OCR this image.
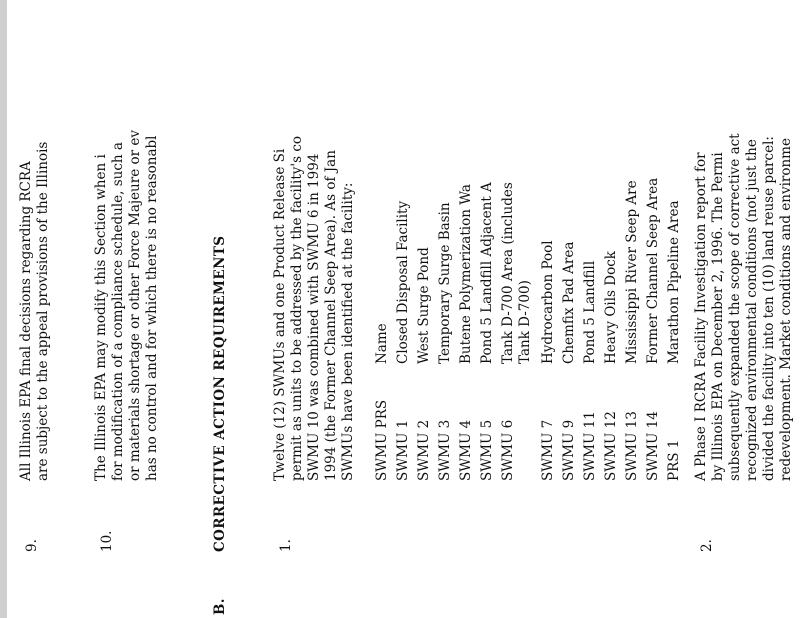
9.
All Illinois EPA final decisions regarding RCRA are subject to the appeal provisions of the Illinois
10.
The Illinois EPA may modify this Section when i for modification of a compliance schedule, such a or materials shortage or other Force Majeure or ev has no control and for which there is no reasonabl
B.
CORRECTIVE ACTION REQUIREMENTS	1.
Twelve (12) SWMUs and one Product Release Si permit as units to be addressed by the facility's co SWMU 10 was combined with SWMU 6 in 1994 1994 (the Former Channel Seep Area). As of Jan SWMUs have been identified at the facility: SWMU PRS
Name
SWMU 1
Closed Disposal Facility
SWMU 2
West Surge Pond
SWMU 3
Temporary Surge Basin
SWMU 4
Butene Polymerization Wa
SWMU 5
Pond 5 Landfill Adjacent A
SWMU 6
Tank D-700 Area (includes Tank D-700)
SWMU 7
Hydrocarbon Pool
SWMU 9
Chemfix Pad Area
SWMU 11
Pond 5 Landfill
SWMU 12
Heavy Oils Dock
SWMU 13
Mississippi River Seep Are
SWMU 14
Former Channel Seep Area
PRS 1
Marathon Pipeline Area
2.
A Phase I RCRA Facility Investigation report for by Illinois EPA on December 2, 1996. The Permi subsequently expanded the scope of corrective act recognized environmental conditions (not just the divided the facility into ten (10) land reuse parcel: redevelopment. Market conditions and environme
